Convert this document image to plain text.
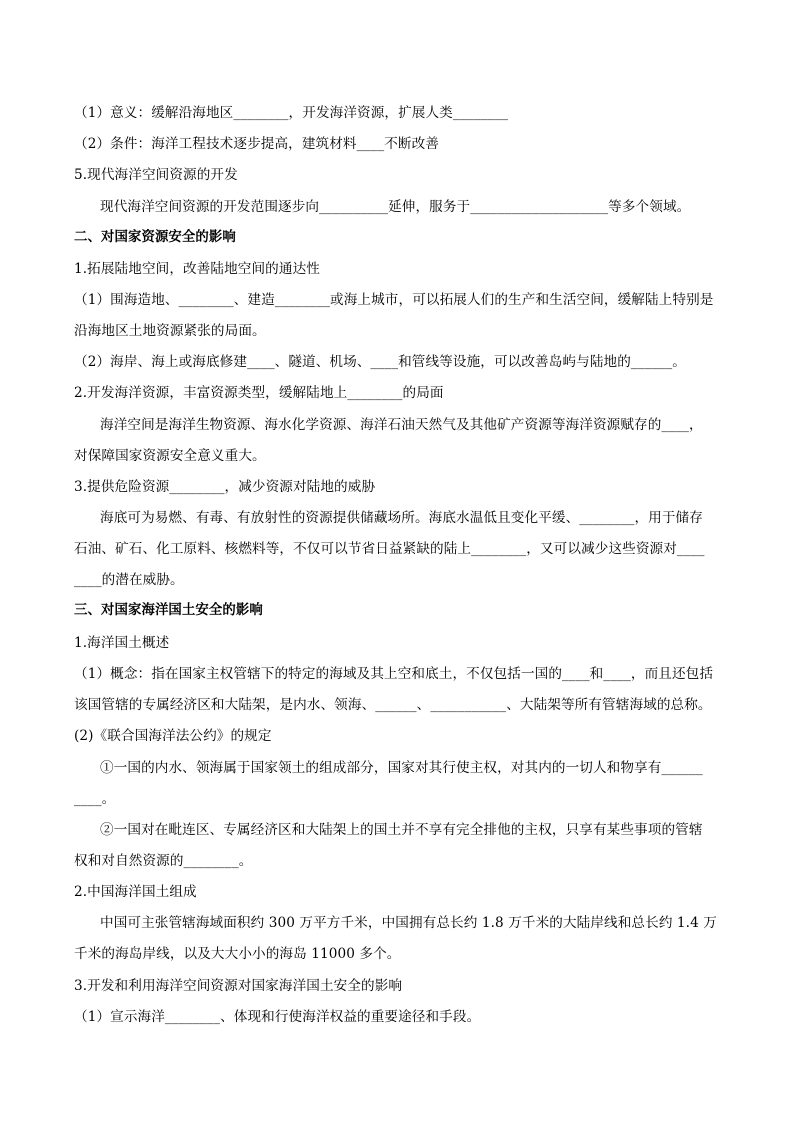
（1）意义：缓解沿海地区________，开发海洋资源，扩展人类________
（2）条件：海洋工程技术逐步提高，建筑材料____不断改善
5.现代海洋空间资源的开发
现代海洋空间资源的开发范围逐步向__________延伸，服务于____________________等多个领域。
二、对国家资源安全的影响
1.拓展陆地空间，改善陆地空间的通达性
（1）围海造地、________、建造________或海上城市，可以拓展人们的生产和生活空间，缓解陆上特别是
沿海地区土地资源紧张的局面。
（2）海岸、海上或海底修建____、隧道、机场、____和管线等设施，可以改善岛屿与陆地的______。
2.开发海洋资源，丰富资源类型，缓解陆地上________的局面
海洋空间是海洋生物资源、海水化学资源、海洋石油天然气及其他矿产资源等海洋资源赋存的____，
对保障国家资源安全意义重大。
3.提供危险资源________，减少资源对陆地的威胁
海底可为易燃、有毒、有放射性的资源提供储藏场所。海底水温低且变化平缓、________，用于储存
石油、矿石、化工原料、核燃料等，不仅可以节省日益紧缺的陆上________，又可以减少这些资源对____
____的潜在威胁。
三、对国家海洋国土安全的影响
1.海洋国土概述
（1）概念：指在国家主权管辖下的特定的海域及其上空和底土，不仅包括一国的____和____，而且还包括
该国管辖的专属经济区和大陆架，是内水、领海、______、___________、大陆架等所有管辖海域的总称。
(2)《联合国海洋法公约》的规定
①一国的内水、领海属于国家领土的组成部分，国家对其行使主权，对其内的一切人和物享有______
____。
②一国对在毗连区、专属经济区和大陆架上的国土并不享有完全排他的主权，只享有某些事项的管辖
权和对自然资源的________。
2.中国海洋国土组成
中国可主张管辖海域面积约 300 万平方千米，中国拥有总长约 1.8 万千米的大陆岸线和总长约 1.4 万
千米的海岛岸线，以及大大小小的海岛 11000 多个。
3.开发和利用海洋空间资源对国家海洋国土安全的影响
（1）宣示海洋________、体现和行使海洋权益的重要途径和手段。
